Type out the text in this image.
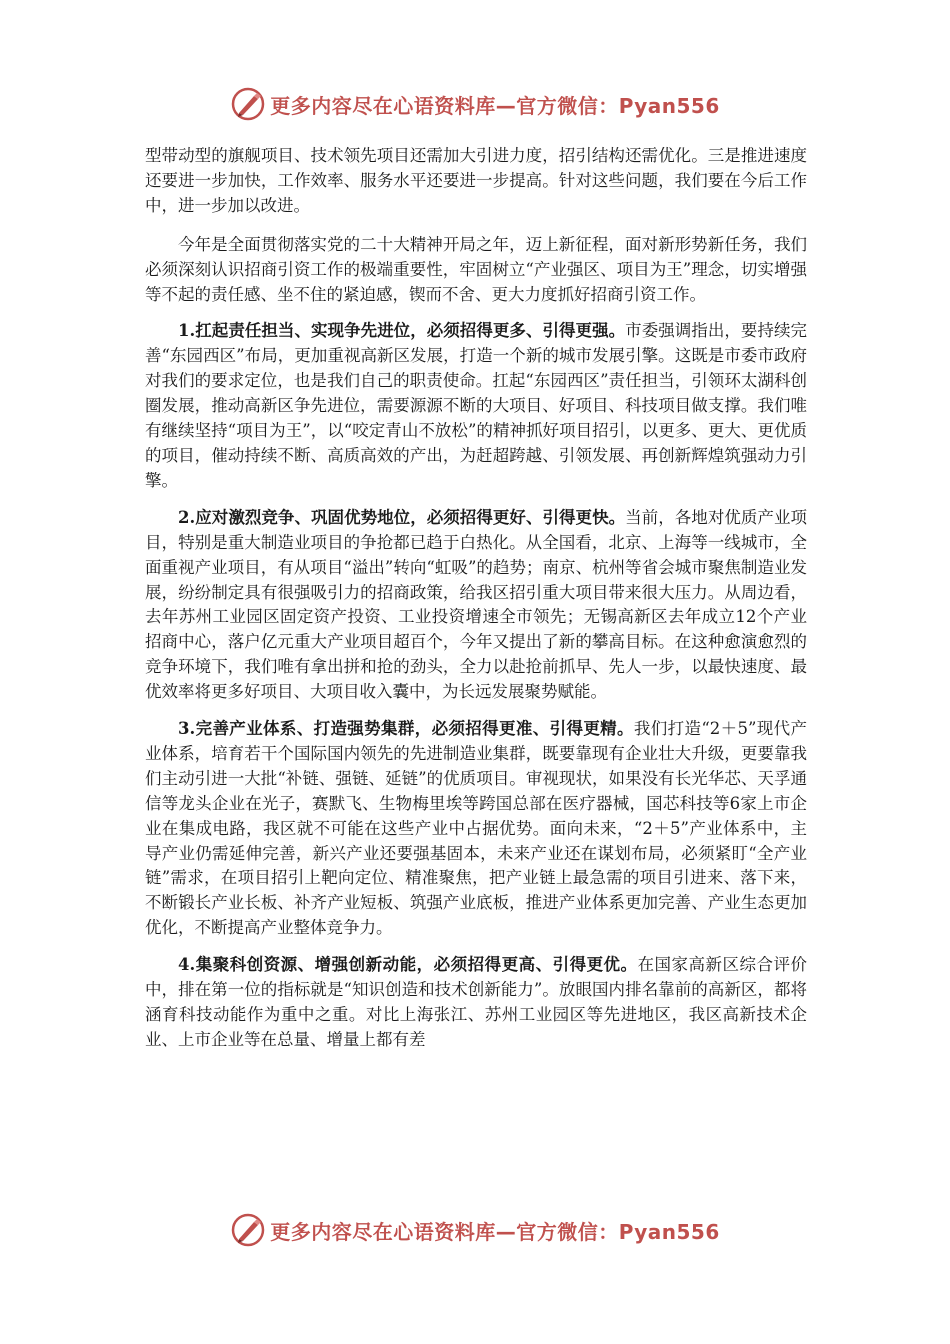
更多内容尽在心语资料库—官方微信：Pyan556

型带动型的旗舰项目、技术领先项目还需加大引进力度，招引结构还需优化。三是推进速度还要进一步加快，工作效率、服务水平还要进一步提高。针对这些问题，我们要在今后工作中，进一步加以改进。

今年是全面贯彻落实党的二十大精神开局之年，迈上新征程，面对新形势新任务，我们必须深刻认识招商引资工作的极端重要性，牢固树立“产业强区、项目为王”理念，切实增强等不起的责任感、坐不住的紧迫感，锲而不舍、更大力度抓好招商引资工作。

1.扛起责任担当、实现争先进位，必须招得更多、引得更强。市委强调指出，要持续完善“东园西区”布局，更加重视高新区发展，打造一个新的城市发展引擎。这既是市委市政府对我们的要求定位，也是我们自己的职责使命。扛起“东园西区”责任担当，引领环太湖科创圈发展，推动高新区争先进位，需要源源不断的大项目、好项目、科技项目做支撑。我们唯有继续坚持“项目为王”，以“咬定青山不放松”的精神抓好项目招引，以更多、更大、更优质的项目，催动持续不断、高质高效的产出，为赶超跨越、引领发展、再创新辉煌筑强动力引擎。

2.应对激烈竞争、巩固优势地位，必须招得更好、引得更快。当前，各地对优质产业项目，特别是重大制造业项目的争抢都已趋于白热化。从全国看，北京、上海等一线城市，全面重视产业项目，有从项目“溢出”转向“虹吸”的趋势；南京、杭州等省会城市聚焦制造业发展，纷纷制定具有很强吸引力的招商政策，给我区招引重大项目带来很大压力。从周边看，去年苏州工业园区固定资产投资、工业投资增速全市领先；无锡高新区去年成立12个产业招商中心，落户亿元重大产业项目超百个，今年又提出了新的攀高目标。在这种愈演愈烈的竞争环境下，我们唯有拿出拼和抢的劲头，全力以赴抢前抓早、先人一步，以最快速度、最优效率将更多好项目、大项目收入囊中，为长远发展聚势赋能。

3.完善产业体系、打造强势集群，必须招得更准、引得更精。我们打造“2＋5”现代产业体系，培育若干个国际国内领先的先进制造业集群，既要靠现有企业壮大升级，更要靠我们主动引进一大批“补链、强链、延链”的优质项目。审视现状，如果没有长光华芯、天孚通信等龙头企业在光子，赛默飞、生物梅里埃等跨国总部在医疗器械，国芯科技等6家上市企业在集成电路，我区就不可能在这些产业中占据优势。面向未来，“2＋5”产业体系中，主导产业仍需延伸完善，新兴产业还要强基固本，未来产业还在谋划布局，必须紧盯“全产业链”需求，在项目招引上靶向定位、精准聚焦，把产业链上最急需的项目引进来、落下来，不断锻长产业长板、补齐产业短板、筑强产业底板，推进产业体系更加完善、产业生态更加优化，不断提高产业整体竞争力。

4.集聚科创资源、增强创新动能，必须招得更高、引得更优。在国家高新区综合评价中，排在第一位的指标就是“知识创造和技术创新能力”。放眼国内排名靠前的高新区，都将涵育科技动能作为重中之重。对比上海张江、苏州工业园区等先进地区，我区高新技术企业、上市企业等在总量、增量上都有差

更多内容尽在心语资料库—官方微信：Pyan556
